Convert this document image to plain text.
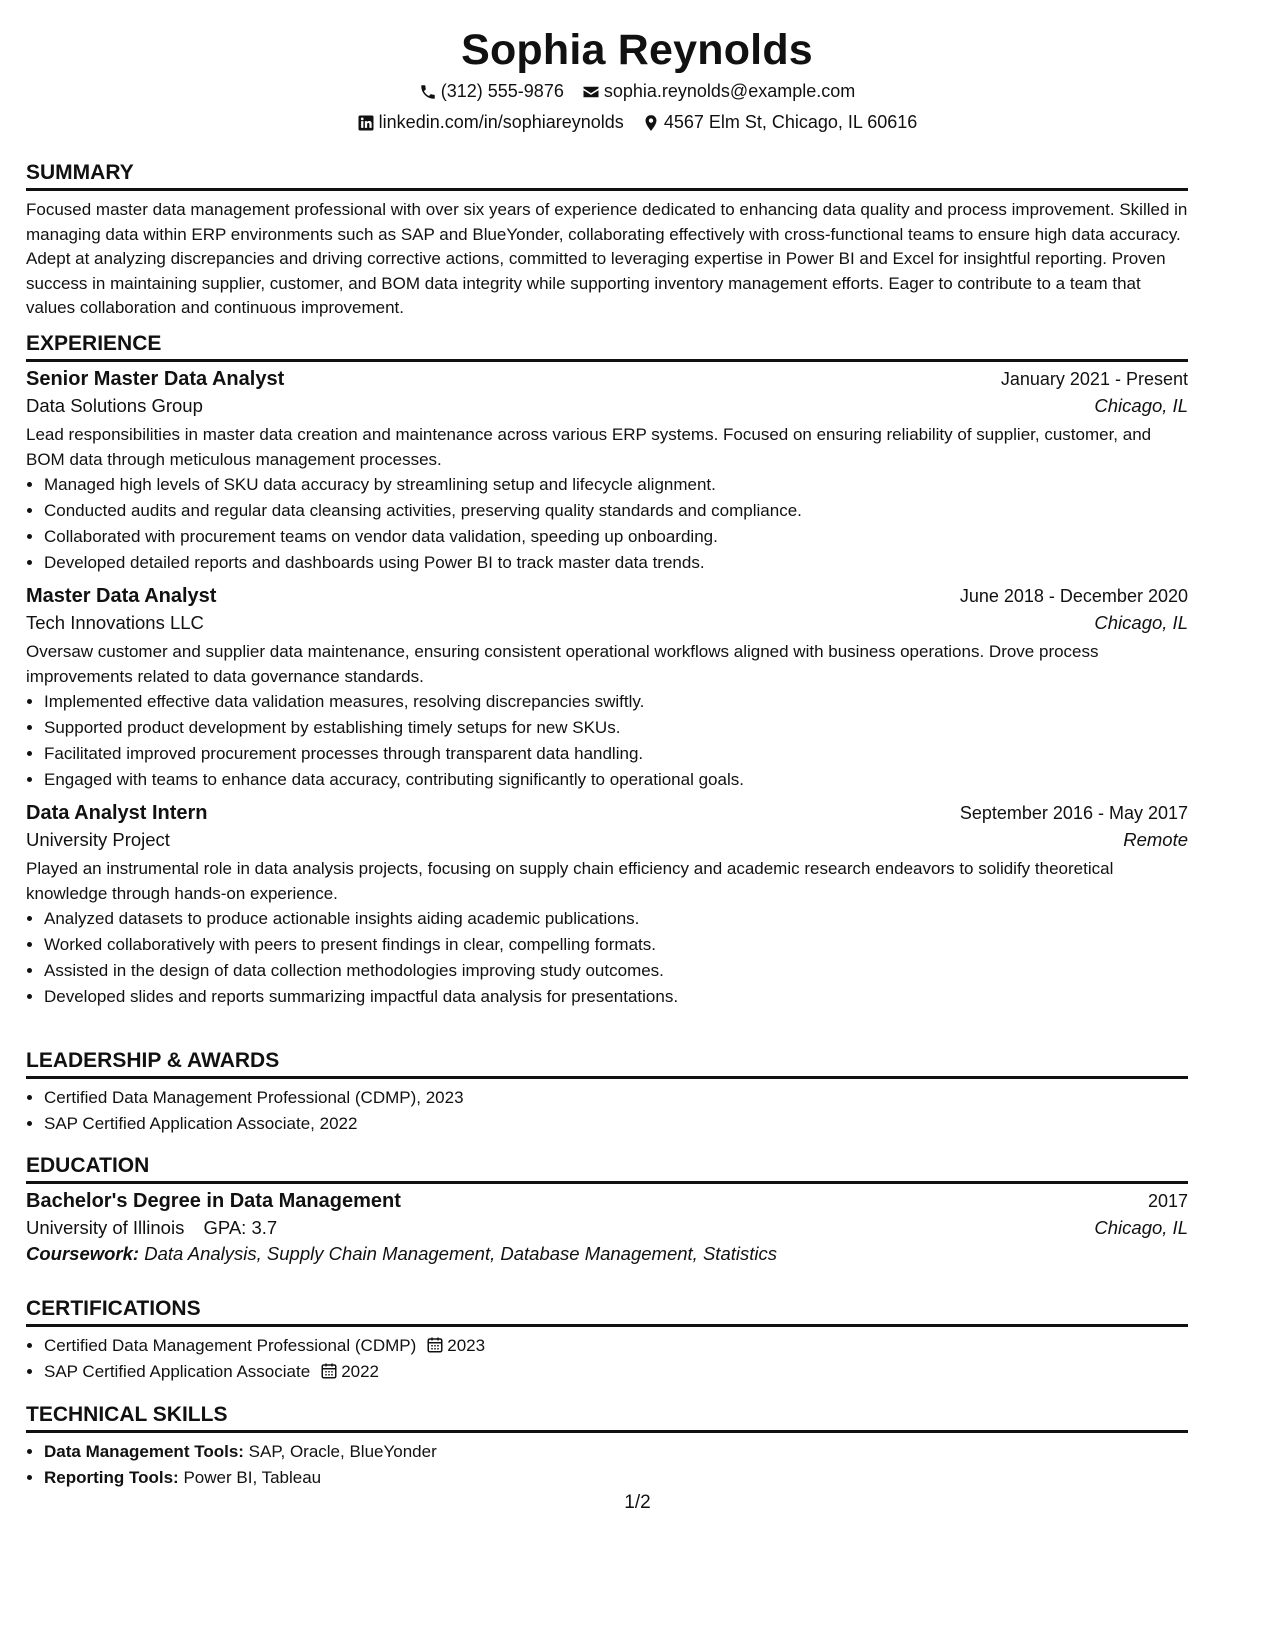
Sophia Reynolds
(312) 555-9876 sophia.reynolds@example.com
linkedin.com/in/sophiareynolds 4567 Elm St, Chicago, IL 60616
SUMMARY

Focused master data management professional with over six years of experience dedicated to enhancing data quality and process improvement. Skilled in managing data within ERP environments such as SAP and BlueYonder, collaborating effectively with cross-functional teams to ensure high data accuracy. Adept at analyzing discrepancies and driving corrective actions, committed to leveraging expertise in Power BI and Excel for insightful reporting. Proven success in maintaining supplier, customer, and BOM data integrity while supporting inventory management efforts. Eager to contribute to a team that values collaboration and continuous improvement.

EXPERIENCE
Senior Master Data Analyst	January 2021 - Present
Data Solutions Group	Chicago, IL

Lead responsibilities in master data creation and maintenance across various ERP systems. Focused on ensuring reliability of supplier, customer, and BOM data through meticulous management processes.

• Managed high levels of SKU data accuracy by streamlining setup and lifecycle alignment.
• Conducted audits and regular data cleansing activities, preserving quality standards and compliance.
• Collaborated with procurement teams on vendor data validation, speeding up onboarding.
• Developed detailed reports and dashboards using Power BI to track master data trends.
Master Data Analyst	June 2018 - December 2020
Tech Innovations LLC	Chicago, IL

Oversaw customer and supplier data maintenance, ensuring consistent operational workflows aligned with business operations. Drove process improvements related to data governance standards.

• Implemented effective data validation measures, resolving discrepancies swiftly.
• Supported product development by establishing timely setups for new SKUs.
• Facilitated improved procurement processes through transparent data handling.
• Engaged with teams to enhance data accuracy, contributing significantly to operational goals.
Data Analyst Intern	September 2016 - May 2017
University Project	Remote

Played an instrumental role in data analysis projects, focusing on supply chain efficiency and academic research endeavors to solidify theoretical knowledge through hands-on experience.

• Analyzed datasets to produce actionable insights aiding academic publications.
• Worked collaboratively with peers to present findings in clear, compelling formats.
• Assisted in the design of data collection methodologies improving study outcomes.
• Developed slides and reports summarizing impactful data analysis for presentations.
LEADERSHIP & AWARDS
• Certified Data Management Professional (CDMP), 2023
• SAP Certified Application Associate, 2022
EDUCATION
Bachelor's Degree in Data Management	2017
University of Illinois GPA: 3.7	Chicago, IL
Coursework: Data Analysis, Supply Chain Management, Database Management, Statistics
CERTIFICATIONS
• Certified Data Management Professional (CDMP) 2023
• SAP Certified Application Associate 2022
TECHNICAL SKILLS
• Data Management Tools: SAP, Oracle, BlueYonder
• Reporting Tools: Power BI, Tableau
1/2
